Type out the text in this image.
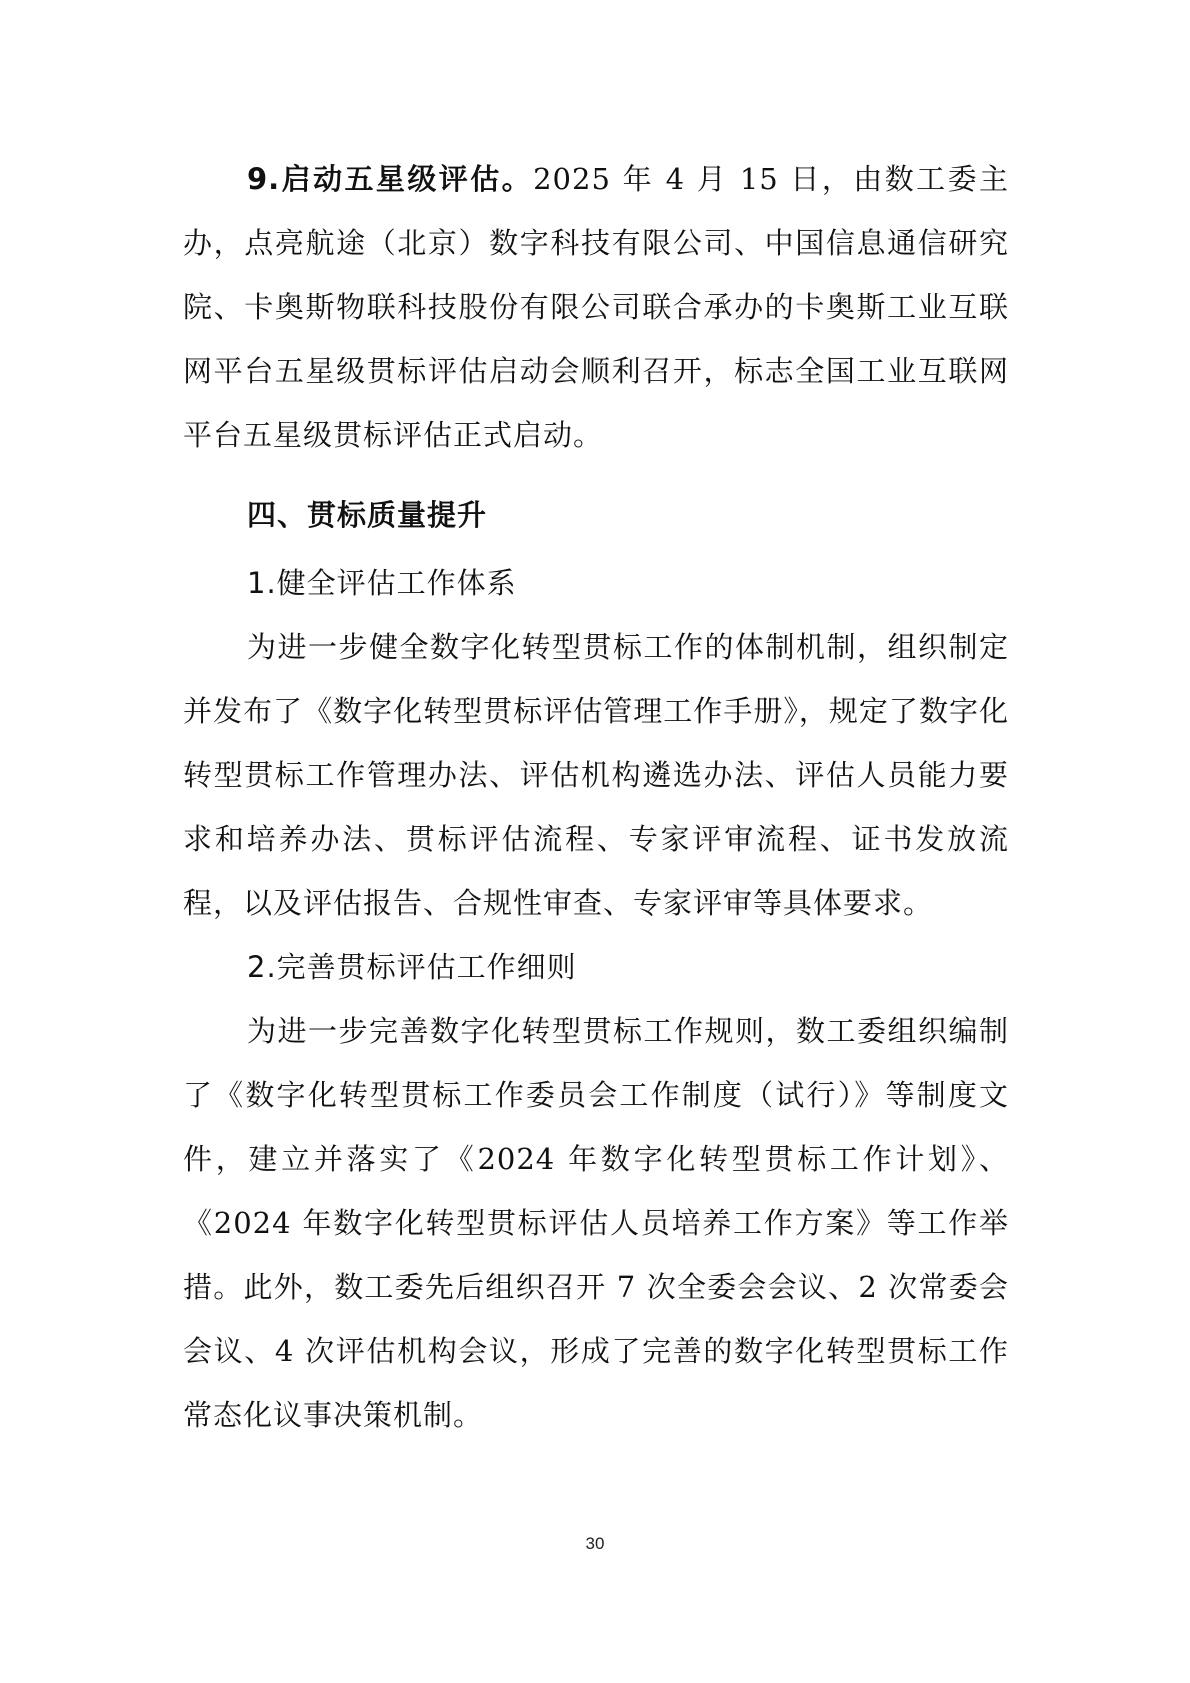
9.启动五星级评估。2025 年 4 月 15 日，由数工委主办，点亮航途（北京）数字科技有限公司、中国信息通信研究院、卡奥斯物联科技股份有限公司联合承办的卡奥斯工业互联网平台五星级贯标评估启动会顺利召开，标志全国工业互联网平台五星级贯标评估正式启动。

四、贯标质量提升

1.健全评估工作体系

为进一步健全数字化转型贯标工作的体制机制，组织制定并发布了《数字化转型贯标评估管理工作手册》，规定了数字化转型贯标工作管理办法、评估机构遴选办法、评估人员能力要求和培养办法、贯标评估流程、专家评审流程、证书发放流程，以及评估报告、合规性审查、专家评审等具体要求。

2.完善贯标评估工作细则

为进一步完善数字化转型贯标工作规则，数工委组织编制了《数字化转型贯标工作委员会工作制度（试行）》等制度文件，建立并落实了《2024 年数字化转型贯标工作计划》、《2024 年数字化转型贯标评估人员培养工作方案》等工作举措。此外，数工委先后组织召开 7 次全委会会议、2 次常委会会议、4 次评估机构会议，形成了完善的数字化转型贯标工作常态化议事决策机制。

30
